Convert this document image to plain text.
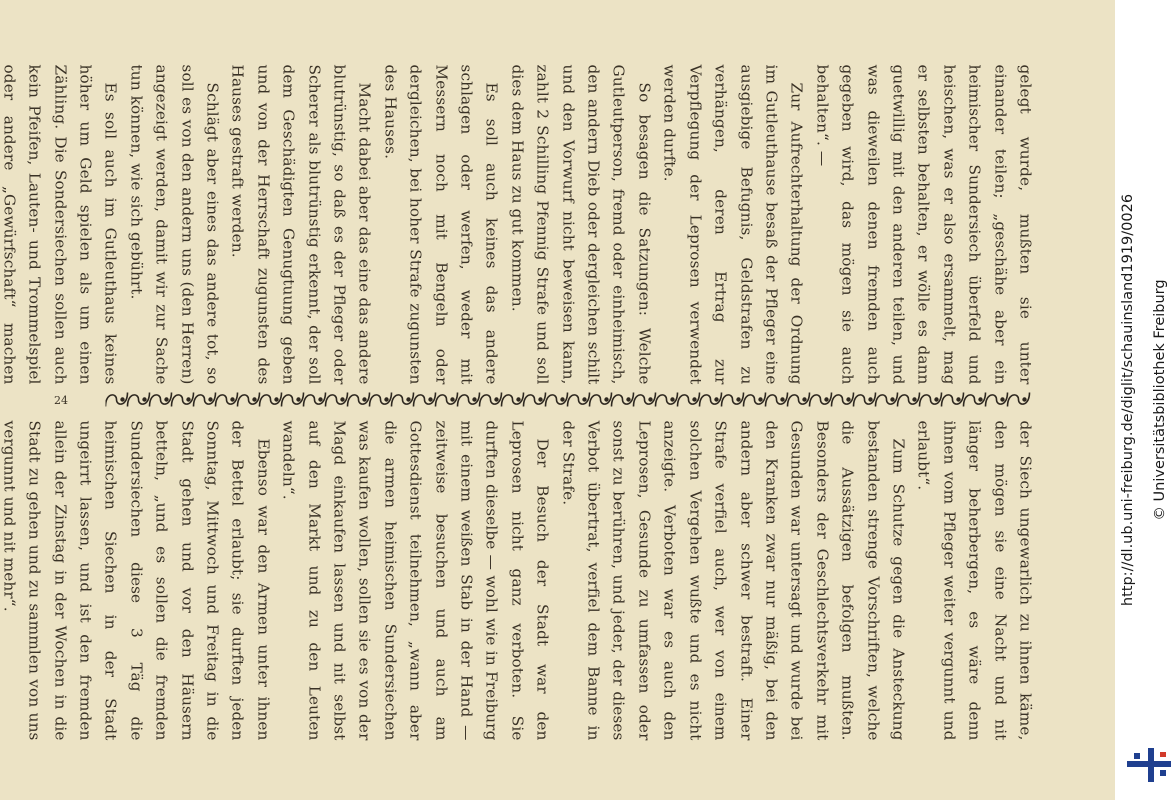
gelegt wurde, mußten sie unter einander teilen; „geschähe aber ein heimischer Sundersiech überfeld und heischen, was er also ersammelt, mag er selbsten behalten, er wölle es dann guetwillig mit den anderen teilen, und was dieweilen denen fremden auch gegeben wird, das mögen sie auch behalten“. —

Zur Aufrechterhaltung der Ordnung im Gutleuthause besaß der Pfleger eine ausgiebige Befugnis, Geldstrafen zu verhängen, deren Ertrag zur Verpflegung der Leprosen verwendet werden durfte.

So besagen die Satzungen: Welche Gutleutperson, fremd oder einheimisch, den andern Dieb oder dergleichen schilt und den Vorwurf nicht beweisen kann, zahlt 2 Schilling Pfennig Strafe und soll dies dem Haus zu gut kommen.

Es soll auch keines das andere schlagen oder werfen, weder mit Messern noch mit Bengeln oder dergleichen, bei hoher Strafe zugunsten des Hauses.

Macht dabei aber das eine das andere blutrünstig, so daß es der Pfleger oder Scherer als blutrünstig erkennt, der soll dem Geschädigten Genugtuung geben und von der Herrschaft zugunsten des Hauses gestraft werden.

Schlägt aber eines das andere tot, so soll es von den andern uns (den Herren) angezeigt werden, damit wir zur Sache tun können, wie sich gebührt.

Es soll auch im Gutleuthaus keines höher um Geld spielen als um einen Zähling. Die Sondersiechen sollen auch kein Pfeifen, Lauten- und Trommelspiel oder andere „Gewürfschaft“ machen

24

der Siech ungewarlich zu ihnen käme, den mögen sie eine Nacht und nit länger beherbergen, es wäre denn ihnen vom Pfleger weiter vergunnt und erlaubt“.

Zum Schutze gegen die Ansteckung bestanden strenge Vorschriften, welche die Aussätzigen befolgen mußten. Besonders der Geschlechtsverkehr mit Gesunden war untersagt und wurde bei den Kranken zwar nur mäßig, bei den andern aber schwer bestraft. Einer Strafe verfiel auch, wer von einem solchen Vergehen wußte und es nicht anzeigte. Verboten war es auch den Leprosen, Gesunde zu umfassen oder sonst zu berühren, und jeder, der dieses Verbot übertrat, verfiel dem Banne in der Strafe.

Der Besuch der Stadt war den Leprosen nicht ganz verboten. Sie durften dieselbe — wohl wie in Freiburg mit einem weißen Stab in der Hand — zeitweise besuchen und auch am Gottesdienst teilnehmen, „wann aber die armen heimischen Sundersiechen was kaufen wollen, sollen sie es von der Magd einkaufen lassen und nit selbst auf den Markt und zu den Leuten wandeln“.

Ebenso war den Armen unter ihnen der Bettel erlaubt; sie durften jeden Sonntag, Mittwoch und Freitag in die Stadt gehen und vor den Häusern betteln, „und es sollen die fremden Sundersiechen diese 3 Täg die heimischen Siechen in der Stadt ungeirrt lassen, und ist den fremden allein der Zinstag in der Wochen in die Stadt zu gehen und zu sammlen von uns vergunnt und nit mehr“.	http://dl.ub.uni-freiburg.de/diglit/schauinsland1919/0026 © Universitätsbibliothek Freiburg
